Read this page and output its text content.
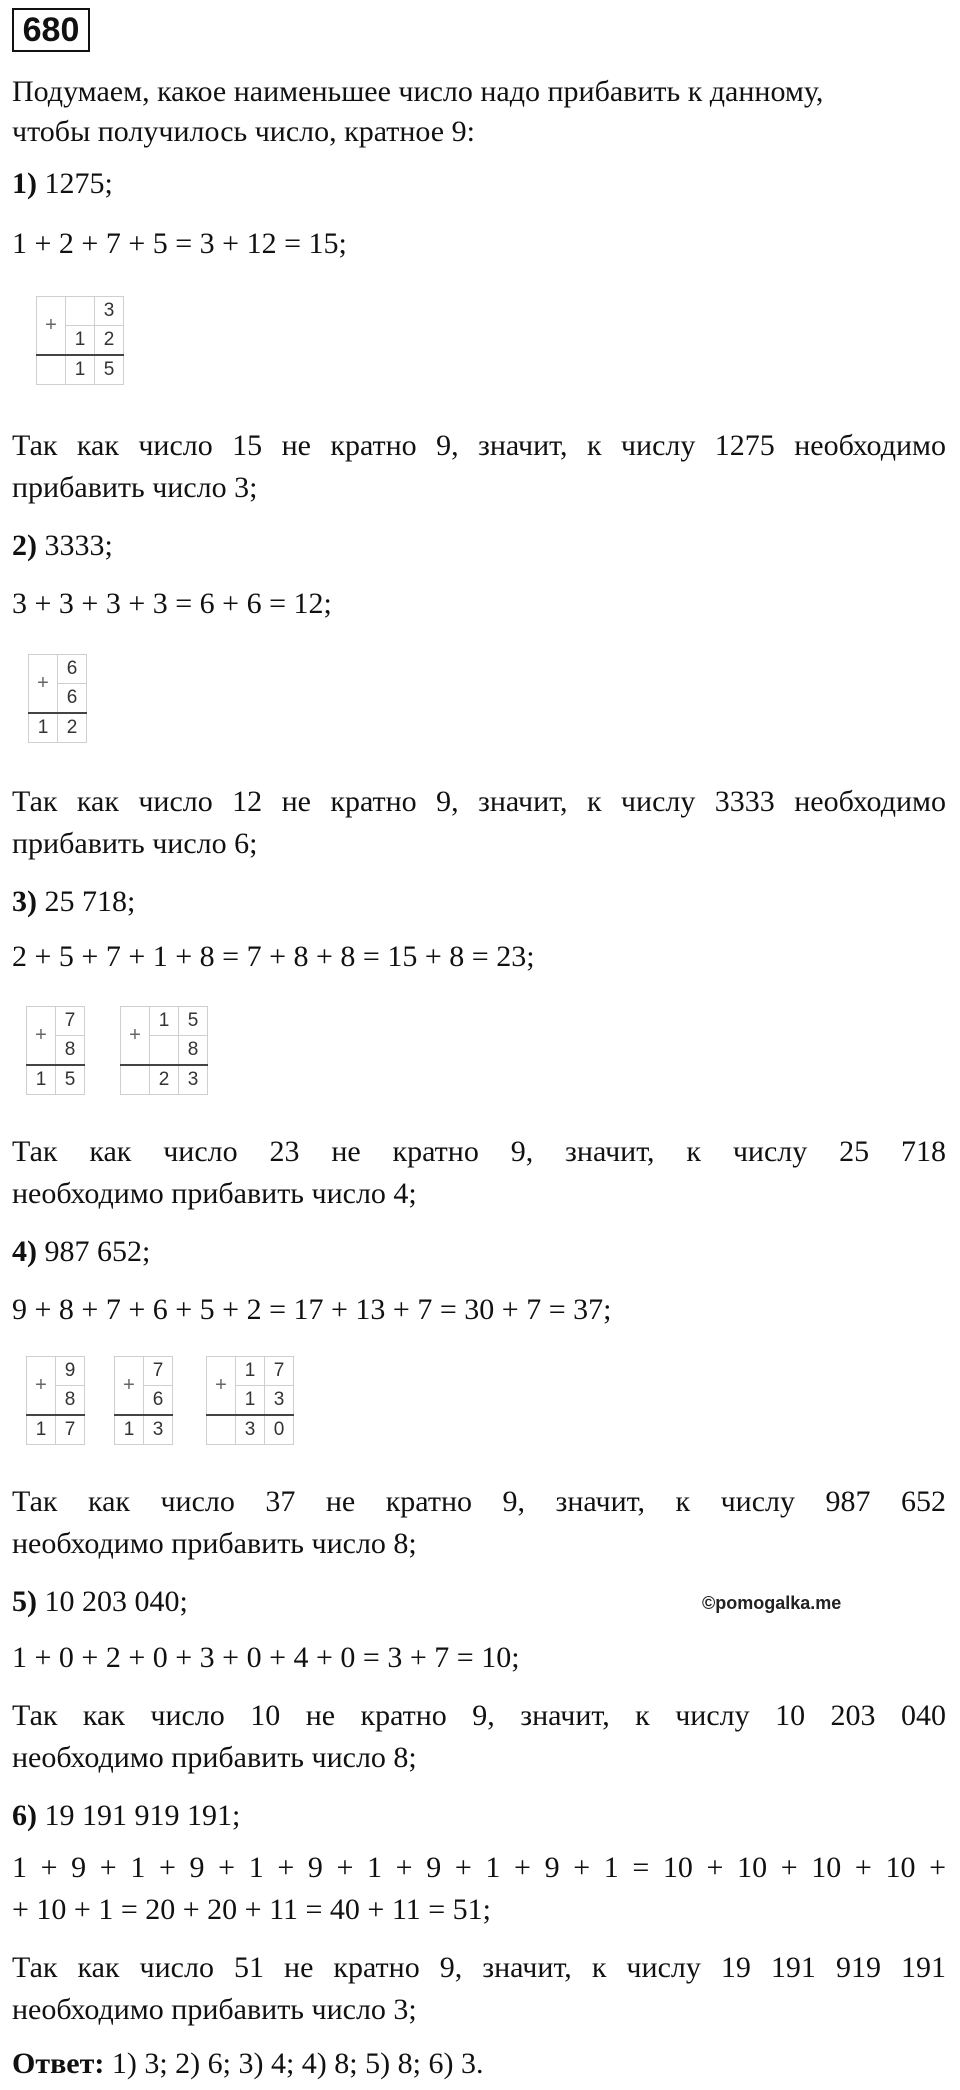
680
Подумаем, какое наименьшее число надо прибавить к данному,
чтобы получилось число, кратное 9:
1) 1275;
1 + 2 + 7 + 5 = 3 + 12 = 15;
+		3
	1	2
	1	5
Так как число 15 не кратно 9, значит, к числу 1275 необходимо
прибавить число 3;
2) 3333;
3 + 3 + 3 + 3 = 6 + 6 = 12;
+	6
	6
1	2
Так как число 12 не кратно 9, значит, к числу 3333 необходимо
прибавить число 6;
3) 25 718;
2 + 5 + 7 + 1 + 8 = 7 + 8 + 8 = 15 + 8 = 23;
+	7
	8
1	5
+	1	5
		8
	2	3
Так как число 23 не кратно 9, значит, к числу 25 718
необходимо прибавить число 4;
4) 987 652;
9 + 8 + 7 + 6 + 5 + 2 = 17 + 13 + 7 = 30 + 7 = 37;
+	9
	8
1	7
+	7
	6
1	3
+	1	7
	1	3
	3	0
Так как число 37 не кратно 9, значит, к числу 987 652
необходимо прибавить число 8;
5) 10 203 040;	©pomogalka.me
1 + 0 + 2 + 0 + 3 + 0 + 4 + 0 = 3 + 7 = 10;
Так как число 10 не кратно 9, значит, к числу 10 203 040
необходимо прибавить число 8;
6) 19 191 919 191;
1 + 9 + 1 + 9 + 1 + 9 + 1 + 9 + 1 + 9 + 1 = 10 + 10 + 10 + 10 +
+ 10 + 1 = 20 + 20 + 11 = 40 + 11 = 51;
Так как число 51 не кратно 9, значит, к числу 19 191 919 191
необходимо прибавить число 3;
Ответ: 1) 3; 2) 6; 3) 4; 4) 8; 5) 8; 6) 3.
